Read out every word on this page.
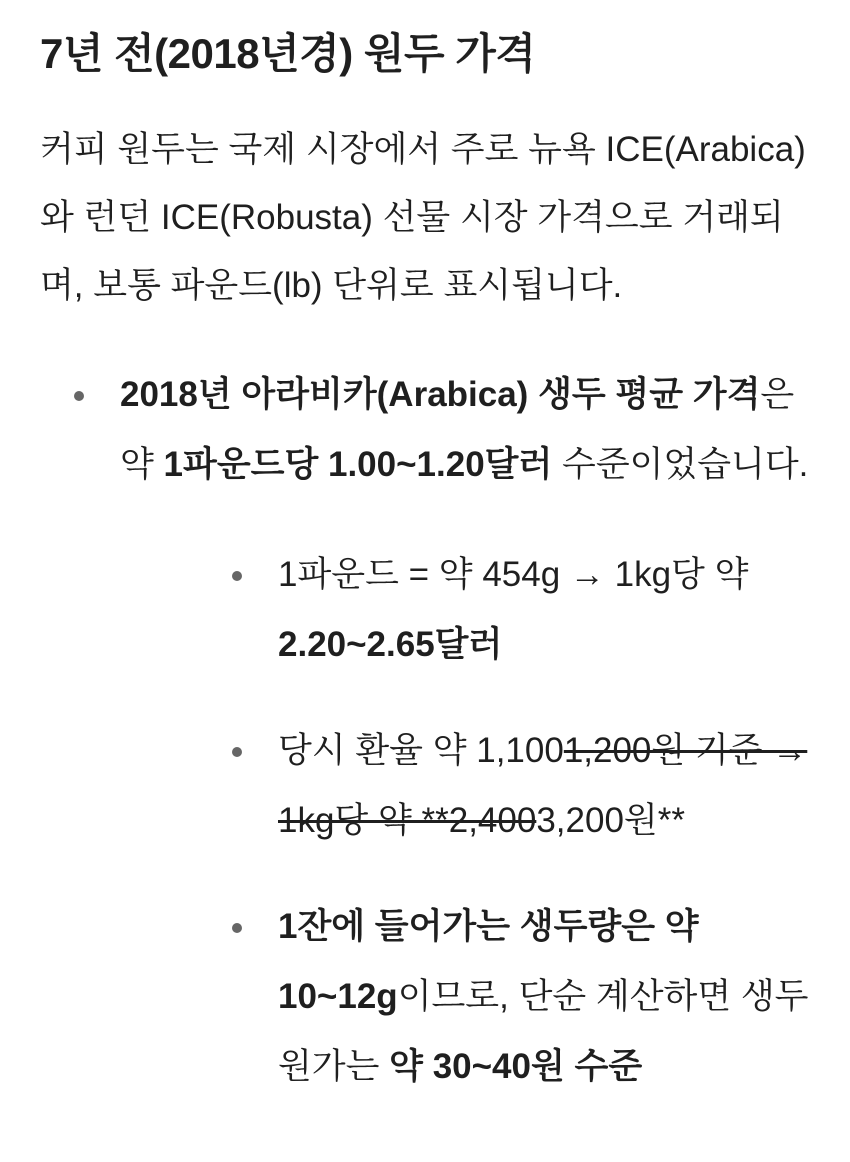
7년 전(2018년경) 원두 가격

커피 원두는 국제 시장에서 주로 뉴욕 ICE(Arabica)와 런던 ICE(Robusta) 선물 시장 가격으로 거래되며, 보통 파운드(lb) 단위로 표시됩니다.

2018년 아라비카(Arabica) 생두 평균 가격은 약 1파운드당 1.00~1.20달러 수준이었습니다.
1파운드 = 약 454g → 1kg당 약 2.20~2.65달러
당시 환율 약 1,1001,200원 기준 → 1kg당 약 **2,4003,200원**
1잔에 들어가는 생두량은 약 10~12g이므로, 단순 계산하면 생두 원가는 약 30~40원 수준
